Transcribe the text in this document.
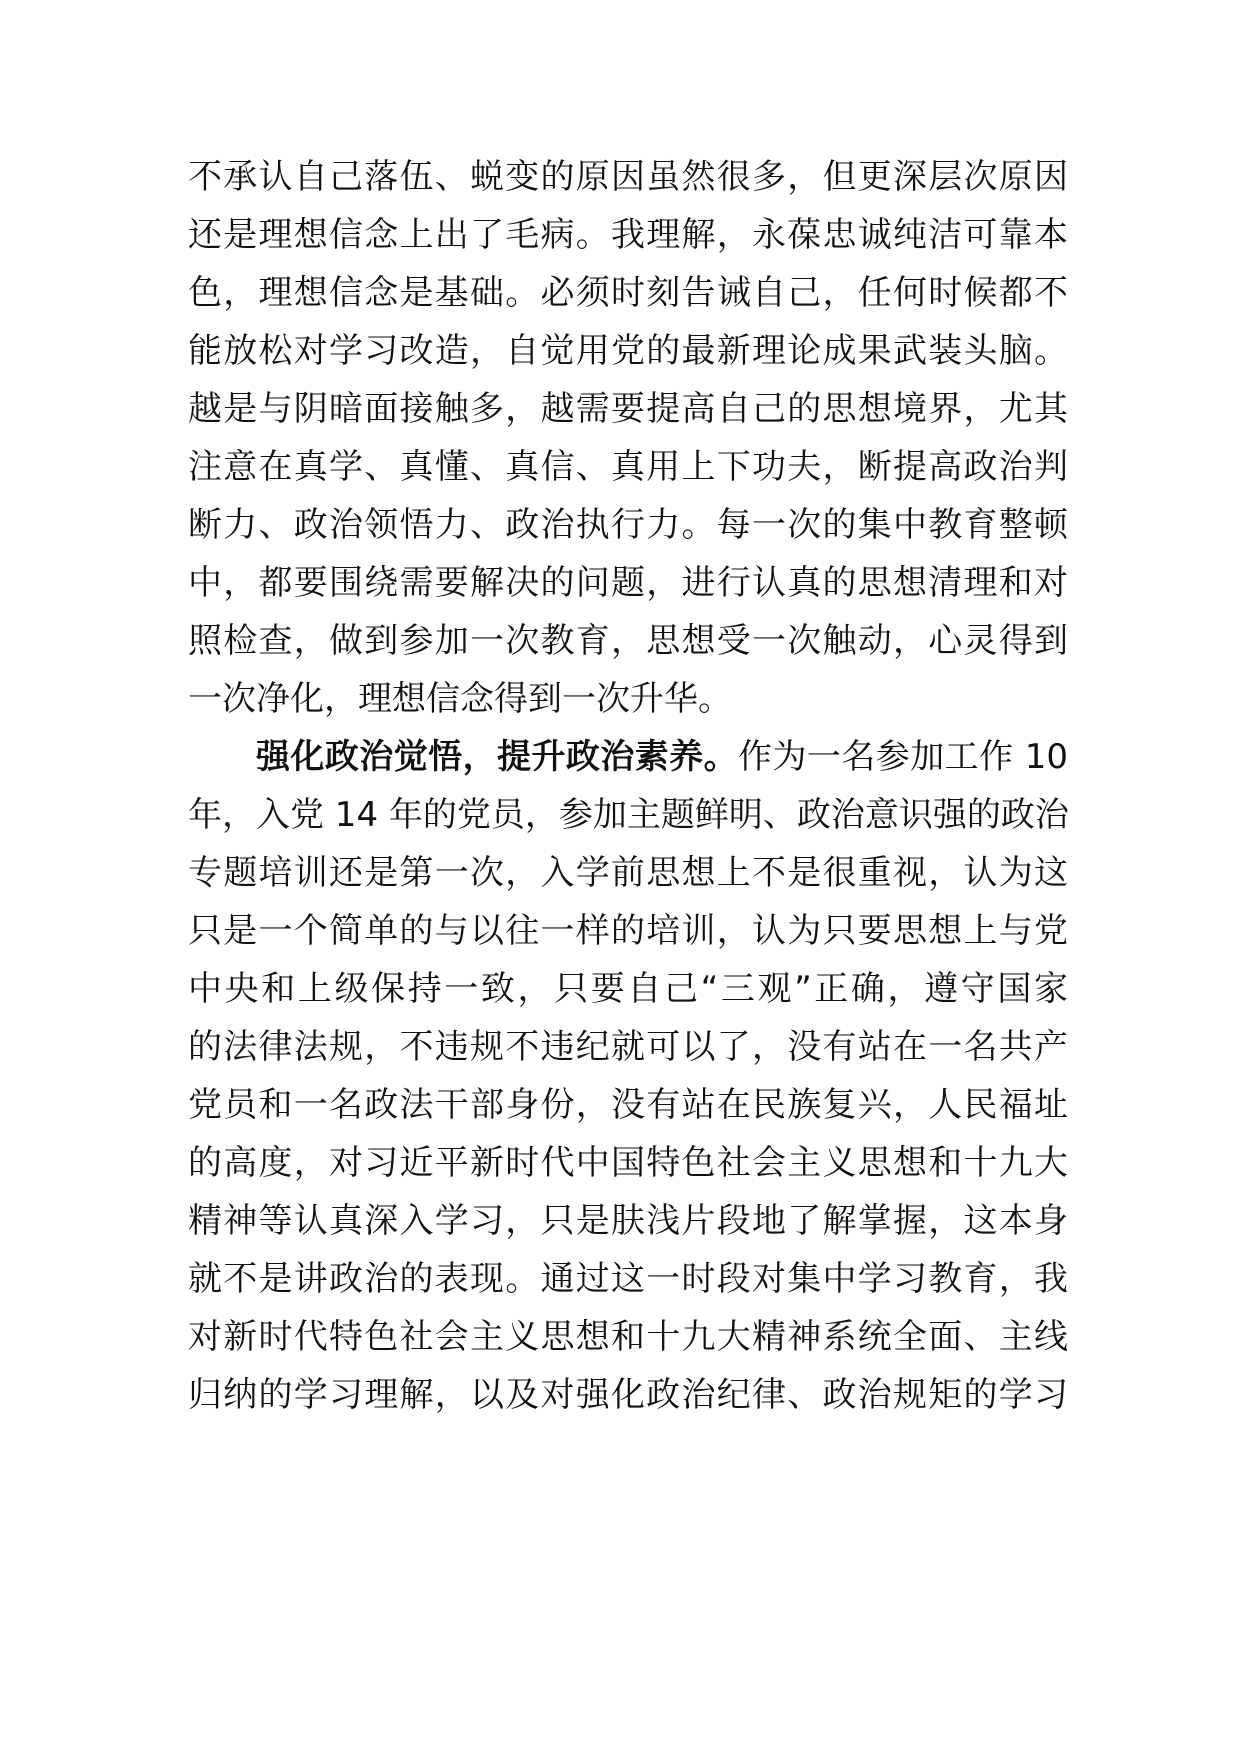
不承认自己落伍、蜕变的原因虽然很多，但更深层次原因
还是理想信念上出了毛病。我理解，永葆忠诚纯洁可靠本
色，理想信念是基础。必须时刻告诫自己，任何时候都不
能放松对学习改造，自觉用党的最新理论成果武装头脑。
越是与阴暗面接触多，越需要提高自己的思想境界，尤其
注意在真学、真懂、真信、真用上下功夫，断提高政治判
断力、政治领悟力、政治执行力。每一次的集中教育整顿
中，都要围绕需要解决的问题，进行认真的思想清理和对
照检查，做到参加一次教育，思想受一次触动，心灵得到
一次净化，理想信念得到一次升华。
强化政治觉悟，提升政治素养。作为一名参加工作 10
年，入党 14 年的党员，参加主题鲜明、政治意识强的政治
专题培训还是第一次，入学前思想上不是很重视，认为这
只是一个简单的与以往一样的培训，认为只要思想上与党
中央和上级保持一致，只要自己“三观”正确，遵守国家
的法律法规，不违规不违纪就可以了，没有站在一名共产
党员和一名政法干部身份，没有站在民族复兴，人民福址
的高度，对习近平新时代中国特色社会主义思想和十九大
精神等认真深入学习，只是肤浅片段地了解掌握，这本身
就不是讲政治的表现。通过这一时段对集中学习教育，我
对新时代特色社会主义思想和十九大精神系统全面、主线
归纳的学习理解，以及对强化政治纪律、政治规矩的学习
